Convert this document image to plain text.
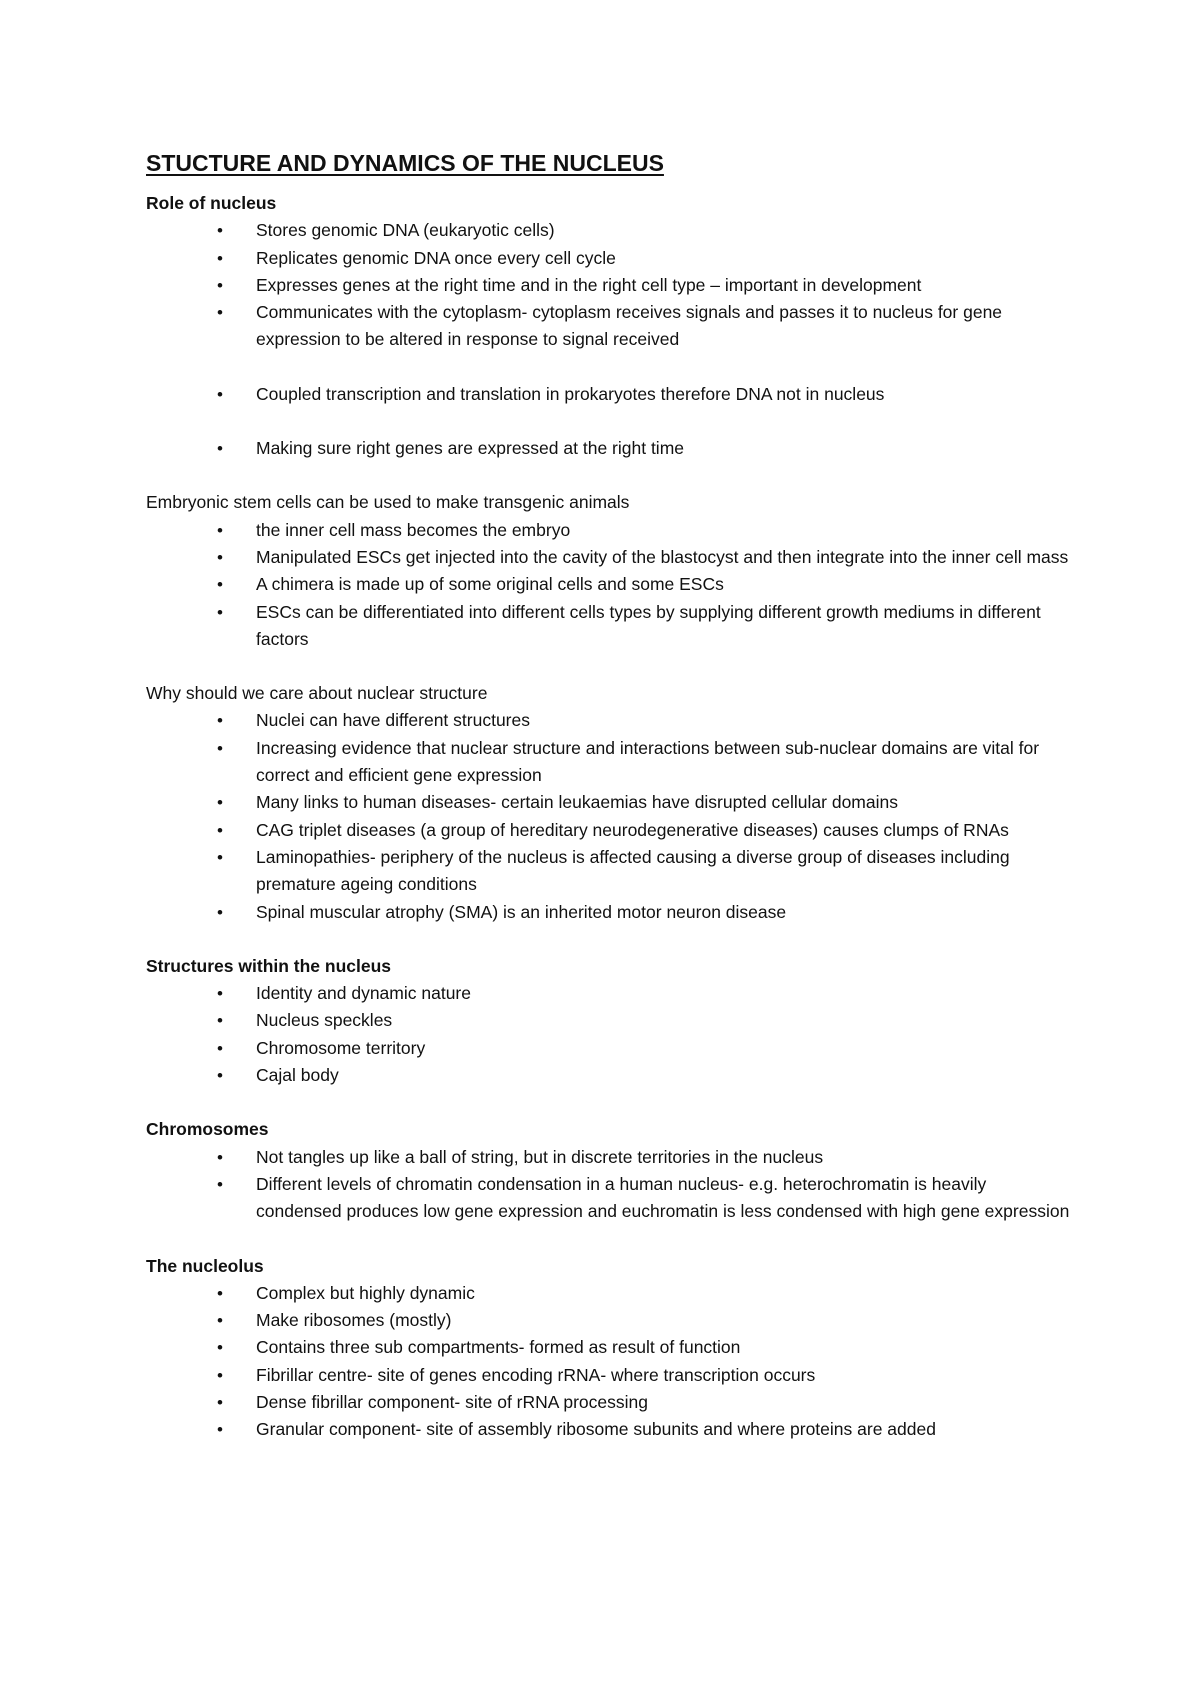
STUCTURE AND DYNAMICS OF THE NUCLEUS

Role of nucleus

•	Stores genomic DNA (eukaryotic cells)
•	Replicates genomic DNA once every cell cycle
•	Expresses genes at the right time and in the right cell type – important in development
•	Communicates with the cytoplasm- cytoplasm receives signals and passes it to nucleus for gene expression to be altered in response to signal received
•	Coupled transcription and translation in prokaryotes therefore DNA not in nucleus
•	Making sure right genes are expressed at the right time

Embryonic stem cells can be used to make transgenic animals

•	the inner cell mass becomes the embryo
•	Manipulated ESCs get injected into the cavity of the blastocyst and then integrate into the inner cell mass
•	A chimera is made up of some original cells and some ESCs
•	ESCs can be differentiated into different cells types by supplying different growth mediums in different factors

Why should we care about nuclear structure

•	Nuclei can have different structures
•	Increasing evidence that nuclear structure and interactions between sub-nuclear domains are vital for correct and efficient gene expression
•	Many links to human diseases- certain leukaemias have disrupted cellular domains
•	CAG triplet diseases (a group of hereditary neurodegenerative diseases) causes clumps of RNAs
•	Laminopathies- periphery of the nucleus is affected causing a diverse group of diseases including premature ageing conditions
•	Spinal muscular atrophy (SMA) is an inherited motor neuron disease

Structures within the nucleus

•	Identity and dynamic nature
•	Nucleus speckles
•	Chromosome territory
•	Cajal body

Chromosomes

•	Not tangles up like a ball of string, but in discrete territories in the nucleus
•	Different levels of chromatin condensation in a human nucleus- e.g. heterochromatin is heavily condensed produces low gene expression and euchromatin is less condensed with high gene expression

The nucleolus

•	Complex but highly dynamic
•	Make ribosomes (mostly)
•	Contains three sub compartments- formed as result of function
•	Fibrillar centre- site of genes encoding rRNA- where transcription occurs
•	Dense fibrillar component- site of rRNA processing
•	Granular component- site of assembly ribosome subunits and where proteins are added
